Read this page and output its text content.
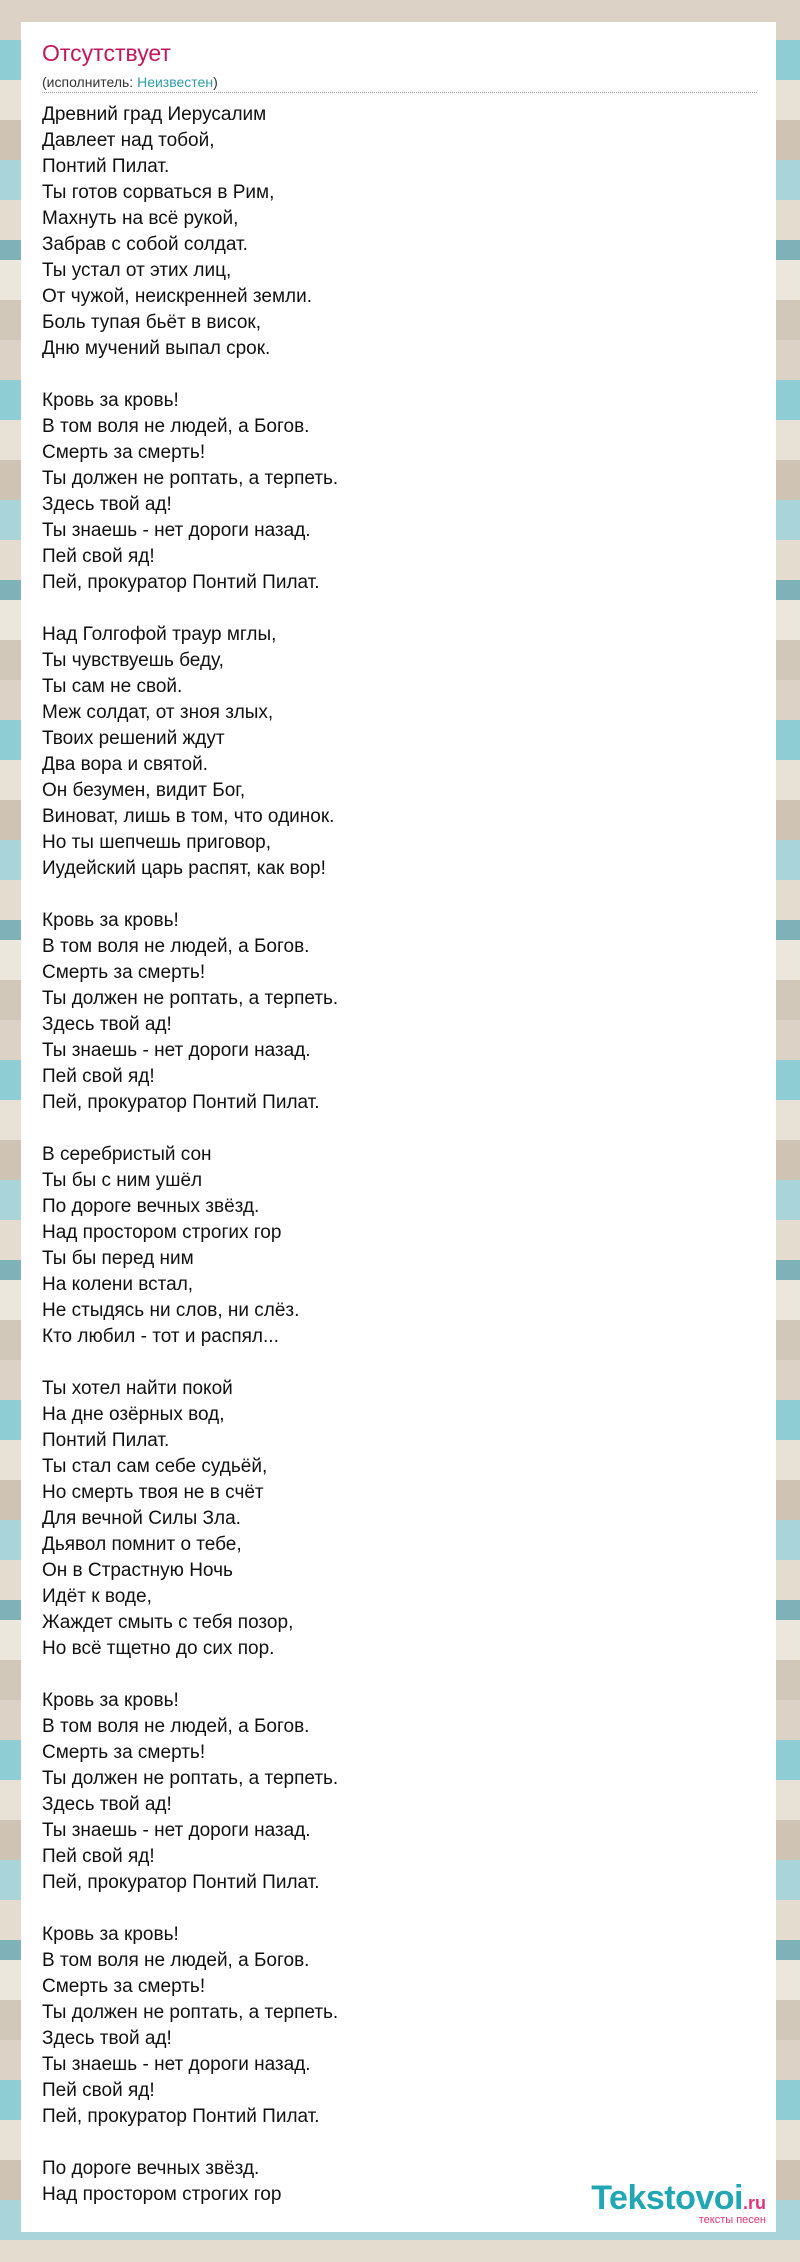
Отсутствует
(исполнитель: Неизвестен)
Древний град Иерусалим
Давлеет над тобой,
Понтий Пилат.
Ты готов сорваться в Рим,
Махнуть на всё рукой,
Забрав с собой солдат.
Ты устал от этих лиц,
От чужой, неискренней земли.
Боль тупая бьёт в висок,
Дню мучений выпал срок.
Кровь за кровь!
В том воля не людей, а Богов.
Смерть за смерть!
Ты должен не роптать, а терпеть.
Здесь твой ад!
Ты знаешь - нет дороги назад.
Пей свой яд!
Пей, прокуратор Понтий Пилат.
Над Голгофой траур мглы,
Ты чувствуешь беду,
Ты сам не свой.
Меж солдат, от зноя злых,
Твоих решений ждут
Два вора и святой.
Он безумен, видит Бог,
Виноват, лишь в том, что одинок.
Но ты шепчешь приговор,
Иудейский царь распят, как вор!
Кровь за кровь!
В том воля не людей, а Богов.
Смерть за смерть!
Ты должен не роптать, а терпеть.
Здесь твой ад!
Ты знаешь - нет дороги назад.
Пей свой яд!
Пей, прокуратор Понтий Пилат.
В серебристый сон
Ты бы с ним ушёл
По дороге вечных звёзд.
Над простором строгих гор
Ты бы перед ним
На колени встал,
Не стыдясь ни слов, ни слёз.
Кто любил - тот и распял...
Ты хотел найти покой
На дне озёрных вод,
Понтий Пилат.
Ты стал сам себе судьёй,
Но смерть твоя не в счёт
Для вечной Силы Зла.
Дьявол помнит о тебе,
Он в Страстную Ночь
Идёт к воде,
Жаждет смыть с тебя позор,
Но всё тщетно до сих пор.
Кровь за кровь!
В том воля не людей, а Богов.
Смерть за смерть!
Ты должен не роптать, а терпеть.
Здесь твой ад!
Ты знаешь - нет дороги назад.
Пей свой яд!
Пей, прокуратор Понтий Пилат.
Кровь за кровь!
В том воля не людей, а Богов.
Смерть за смерть!
Ты должен не роптать, а терпеть.
Здесь твой ад!
Ты знаешь - нет дороги назад.
Пей свой яд!
Пей, прокуратор Понтий Пилат.
По дороге вечных звёзд.
Над простором строгих гор	Tekstovoi.ru
тексты песен
